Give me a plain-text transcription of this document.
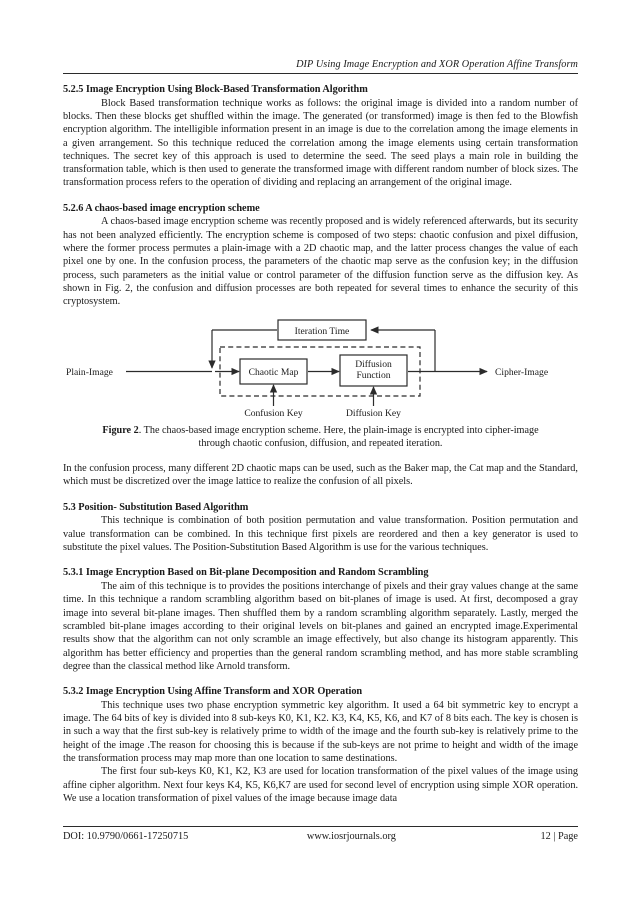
DIP Using Image Encryption and XOR Operation Affine Transform
5.2.5 Image Encryption Using Block-Based Transformation Algorithm

Block Based transformation technique works as follows: the original image is divided into a random number of blocks. Then these blocks get shuffled within the image. The generated (or transformed) image is then fed to the Blowfish encryption algorithm. The intelligible information present in an image is due to the correlation among the image elements in a given arrangement. So this technique reduced the correlation among the image elements using certain transformation techniques. The secret key of this approach is used to determine the seed. The seed plays a main role in building the transformation table, which is then used to generate the transformed image with different random number of block sizes. The transformation process refers to the operation of dividing and replacing an arrangement of the original image.

5.2.6 A chaos-based image encryption scheme

A chaos-based image encryption scheme was recently proposed and is widely referenced afterwards, but its security has not been analyzed efficiently. The encryption scheme is composed of two steps: chaotic confusion and pixel diffusion, where the former process permutes a plain-image with a 2D chaotic map, and the latter process changes the value of each pixel one by one. In the confusion process, the parameters of the chaotic map serve as the confusion key; in the diffusion process, such parameters as the initial value or control parameter of the diffusion function serve as the diffusion key. As shown in Fig. 2, the confusion and diffusion processes are both repeated for several times to enhance the security of this cryptosystem.

Iteration Time
Chaotic Map
Diffusion
Function
Plain-Image	Cipher-Image
Confusion Key	Diffusion Key
Figure 2. The chaos-based image encryption scheme. Here, the plain-image is encrypted into cipher-image
through chaotic confusion, diffusion, and repeated iteration.

In the confusion process, many different 2D chaotic maps can be used, such as the Baker map, the Cat map and the Standard, which must be discretized over the image lattice to realize the confusion of all pixels.

5.3 Position- Substitution Based Algorithm

This technique is combination of both position permutation and value transformation. Position permutation and value transformation can be combined. In this technique first pixels are reordered and then a key generator is used to substitute the pixel values. The Position-Substitution Based Algorithm is use for the various techniques.

5.3.1 Image Encryption Based on Bit-plane Decomposition and Random Scrambling

The aim of this technique is to provides the positions interchange of pixels and their gray values change at the same time. In this technique a random scrambling algorithm based on bit-planes of image is used. At first, decomposed a gray image into several bit-plane images. Then shuffled them by a random scrambling algorithm separately. Lastly, merged the scrambled bit-plane images according to their original levels on bit-planes and gained an encrypted image.Experimental results show that the algorithm can not only scramble an image effectively, but also change its histogram apparently. This algorithm has better efficiency and properties than the general random scrambling method, and has more stable scrambling degree than the classical method like Arnold transform.

5.3.2 Image Encryption Using Affine Transform and XOR Operation

This technique uses two phase encryption symmetric key algorithm. It used a 64 bit symmetric key to encrypt a image. The 64 bits of key is divided into 8 sub-keys K0, K1, K2. K3, K4, K5, K6, and K7 of 8 bits each. The key is chosen is in such a way that the first sub-key is relatively prime to width of the image and the fourth sub-key is relatively prime to the height of the image .The reason for choosing this is because if the sub-keys are not prime to height and width of the image the transformation process may map more than one location to same destinations.

The first four sub-keys K0, K1, K2, K3 are used for location transformation of the pixel values of the image using affine cipher algorithm. Next four keys K4, K5, K6,K7 are used for second level of encryption using simple XOR operation. We use a location transformation of pixel values of the image because image data

DOI: 10.9790/0661-17250715	www.iosrjournals.org	12 | Page
